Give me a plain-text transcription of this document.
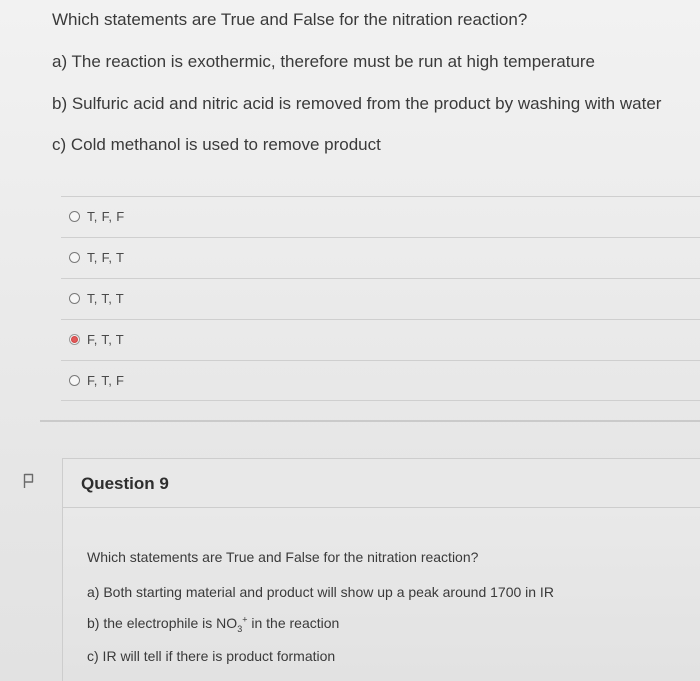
Which statements are True and False for the nitration reaction?
a) The reaction is exothermic, therefore must be run at high temperature
b) Sulfuric acid and nitric acid is removed from the product by washing with water
c) Cold methanol is used to remove product
T, F, F
T, F, T
T, T, T
F, T, T
F, T, F
Question 9
Which statements are True and False for the nitration reaction?
a) Both starting material and product will show up a peak around 1700 in IR
b) the electrophile is $NO_3^+$ in the reaction
c) IR will tell if there is product formation
